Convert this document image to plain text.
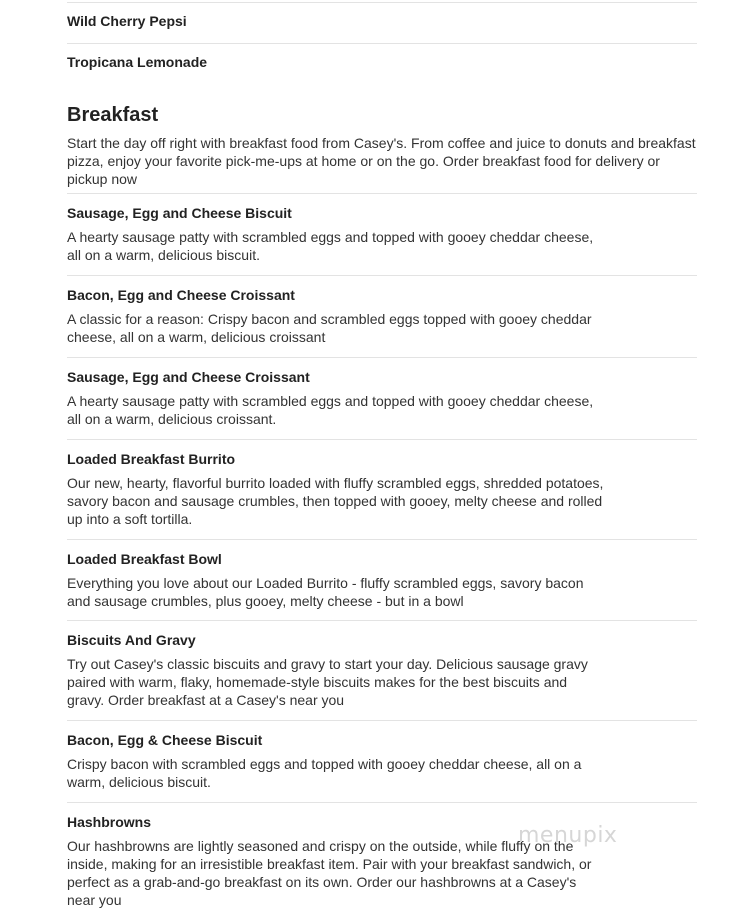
Wild Cherry Pepsi
Tropicana Lemonade
Breakfast
Start the day off right with breakfast food from Casey's. From coffee and juice to donuts and breakfast pizza, enjoy your favorite pick-me-ups at home or on the go. Order breakfast food for delivery or pickup now
Sausage, Egg and Cheese Biscuit
A hearty sausage patty with scrambled eggs and topped with gooey cheddar cheese, all on a warm, delicious biscuit.
Bacon, Egg and Cheese Croissant
A classic for a reason: Crispy bacon and scrambled eggs topped with gooey cheddar cheese, all on a warm, delicious croissant
Sausage, Egg and Cheese Croissant
A hearty sausage patty with scrambled eggs and topped with gooey cheddar cheese, all on a warm, delicious croissant.
Loaded Breakfast Burrito
Our new, hearty, flavorful burrito loaded with fluffy scrambled eggs, shredded potatoes, savory bacon and sausage crumbles, then topped with gooey, melty cheese and rolled up into a soft tortilla.
Loaded Breakfast Bowl
Everything you love about our Loaded Burrito - fluffy scrambled eggs, savory bacon and sausage crumbles, plus gooey, melty cheese - but in a bowl
Biscuits And Gravy
Try out Casey's classic biscuits and gravy to start your day. Delicious sausage gravy paired with warm, flaky, homemade-style biscuits makes for the best biscuits and gravy. Order breakfast at a Casey's near you
Bacon, Egg & Cheese Biscuit
Crispy bacon with scrambled eggs and topped with gooey cheddar cheese, all on a warm, delicious biscuit.
Hashbrowns
Our hashbrowns are lightly seasoned and crispy on the outside, while fluffy on the inside, making for an irresistible breakfast item. Pair with your breakfast sandwich, or perfect as a grab-and-go breakfast on its own. Order our hashbrowns at a Casey's near you
menupix
